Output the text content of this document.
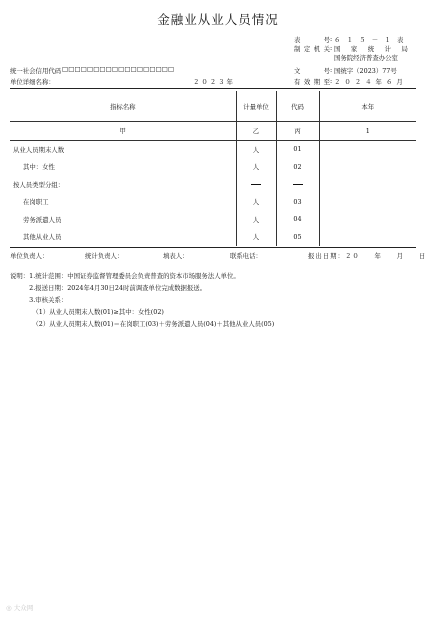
金融业从业人员情况
表　　号 : ６１５－１表
制定机关 : 国家统计局
国务院经济普查办公室
文　　号 : 国统字（2023）77号
有效期至 : ２０２４年６月
统一社会信用代码 □□□□□□□□□□□□□□□□□□
单位详细名称：	２０２３年
指标名称	计量单位	代码	本年
甲	乙	丙	1
从业人员期末人数	人	01	
其中：女性	人	02	
按人员类型分组：			
在岗职工	人	03	
劳务派遣人员	人	04	
其他从业人员	人	05	
单位负责人：	统计负责人：	填表人：	联系电话：	报出日期：２０　　年　　月　　日
说明：1.统计范围：中国证券监督管理委员会负责普查的资本市场服务法人单位。
　　　2.报送日期：2024年4月30日24时前调查单位完成数据报送。
　　　3.审核关系：
　　　　（1）从业人员期末人数(01)≥其中：女性(02)
　　　　（2）从业人员期末人数(01)＝在岗职工(03)＋劳务派遣人员(04)＋其他从业人员(05)
◎ 大众网
